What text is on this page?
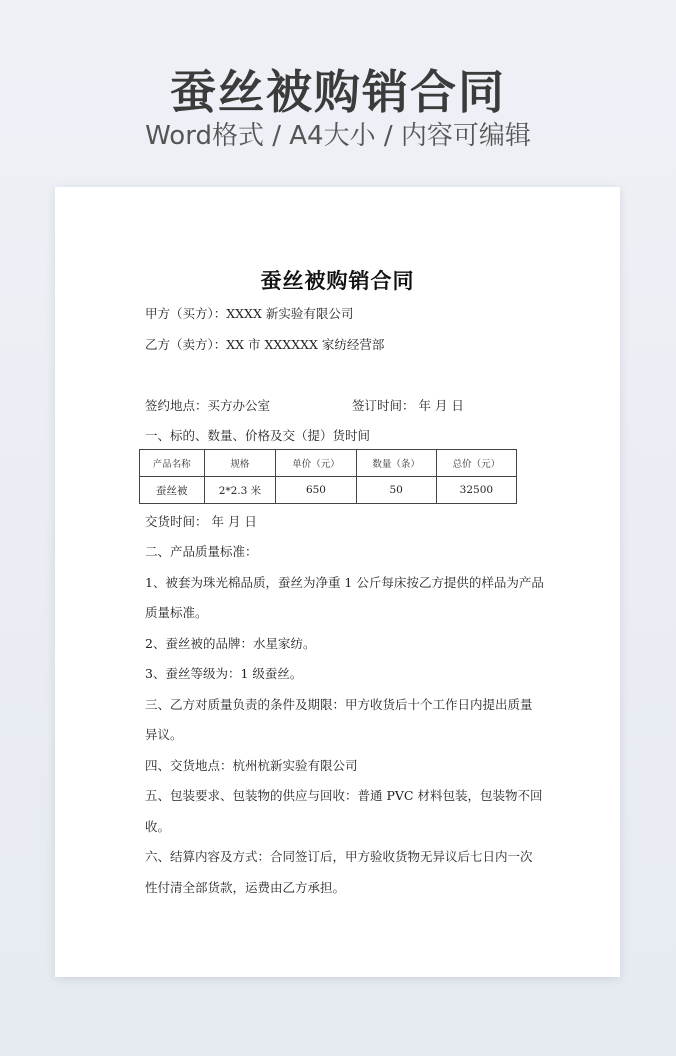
蚕丝被购销合同
Word格式 / A4大小 / 内容可编辑
蚕丝被购销合同
甲方（买方）：XXXX 新实验有限公司
乙方（卖方）：XX 市 XXXXXX 家纺经营部
签约地点：买方办公室	签订时间： 年 月 日
一、标的、数量、价格及交（提）货时间
产品名称	规格	单价（元）	数量（条）	总价（元）
蚕丝被	2*2.3 米	650	50	32500
交货时间： 年 月 日
二、产品质量标准：
1、被套为珠光棉品质，蚕丝为净重 1 公斤每床按乙方提供的样品为产品
质量标准。
2、蚕丝被的品牌：水星家纺。
3、蚕丝等级为：1 级蚕丝。
三、乙方对质量负责的条件及期限：甲方收货后十个工作日内提出质量
异议。
四、交货地点：杭州杭新实验有限公司
五、包装要求、包装物的供应与回收：普通 PVC 材料包装，包装物不回
收。
六、结算内容及方式：合同签订后，甲方验收货物无异议后七日内一次
性付清全部货款，运费由乙方承担。
